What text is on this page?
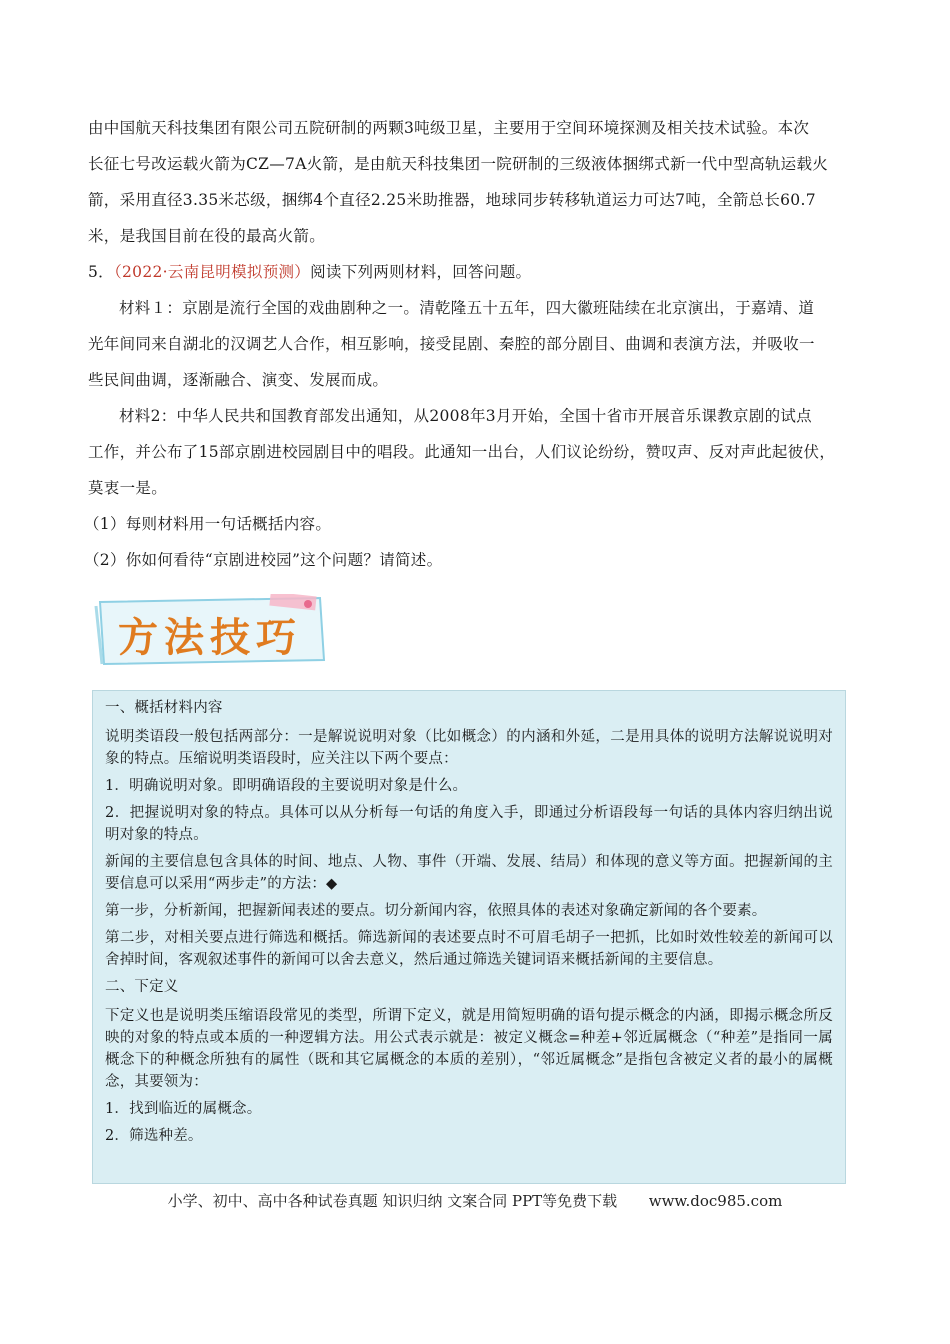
由中国航天科技集团有限公司五院研制的两颗3吨级卫星，主要用于空间环境探测及相关技术试验。本次
长征七号改运载火箭为CZ—7A火箭，是由航天科技集团一院研制的三级液体捆绑式新一代中型高轨运载火
箭，采用直径3.35米芯级，捆绑4个直径2.25米助推器，地球同步转移轨道运力可达7吨，全箭总长60.7
米，是我国目前在役的最高火箭。
5．（2022·云南昆明模拟预测）阅读下列两则材料，回答问题。
材料１：京剧是流行全国的戏曲剧种之一。清乾隆五十五年，四大徽班陆续在北京演出，于嘉靖、道
光年间同来自湖北的汉调艺人合作，相互影响，接受昆剧、秦腔的部分剧目、曲调和表演方法，并吸收一
些民间曲调，逐渐融合、演变、发展而成。
材料2：中华人民共和国教育部发出通知，从2008年3月开始，全国十省市开展音乐课教京剧的试点
工作，并公布了15部京剧进校园剧目中的唱段。此通知一出台，人们议论纷纷，赞叹声、反对声此起彼伏，
莫衷一是。
（1）每则材料用一句话概括内容。
（2）你如何看待“京剧进校园”这个问题？请简述。
方法技巧

一、概括材料内容

说明类语段一般包括两部分：一是解说说明对象（比如概念）的内涵和外延，二是用具体的说明方法解说说明对象的特点。压缩说明类语段时，应关注以下两个要点：

1．明确说明对象。即明确语段的主要说明对象是什么。

2．把握说明对象的特点。具体可以从分析每一句话的角度入手，即通过分析语段每一句话的具体内容归纳出说明对象的特点。

新闻的主要信息包含具体的时间、地点、人物、事件（开端、发展、结局）和体现的意义等方面。把握新闻的主要信息可以采用“两步走”的方法：◆

第一步，分析新闻，把握新闻表述的要点。切分新闻内容，依照具体的表述对象确定新闻的各个要素。

第二步，对相关要点进行筛选和概括。筛选新闻的表述要点时不可眉毛胡子一把抓，比如时效性较差的新闻可以舍掉时间，客观叙述事件的新闻可以舍去意义，然后通过筛选关键词语来概括新闻的主要信息。

二、下定义

下定义也是说明类压缩语段常见的类型，所谓下定义，就是用简短明确的语句提示概念的内涵，即揭示概念所反映的对象的特点或本质的一种逻辑方法。用公式表示就是：被定义概念=种差+邻近属概念（“种差”是指同一属概念下的种概念所独有的属性（既和其它属概念的本质的差别），“邻近属概念”是指包含被定义者的最小的属概念，其要领为：

1．找到临近的属概念。

2．筛选种差。

小学、初中、高中各种试卷真题 知识归纳 文案合同 PPT等免费下载 www.doc985.com
